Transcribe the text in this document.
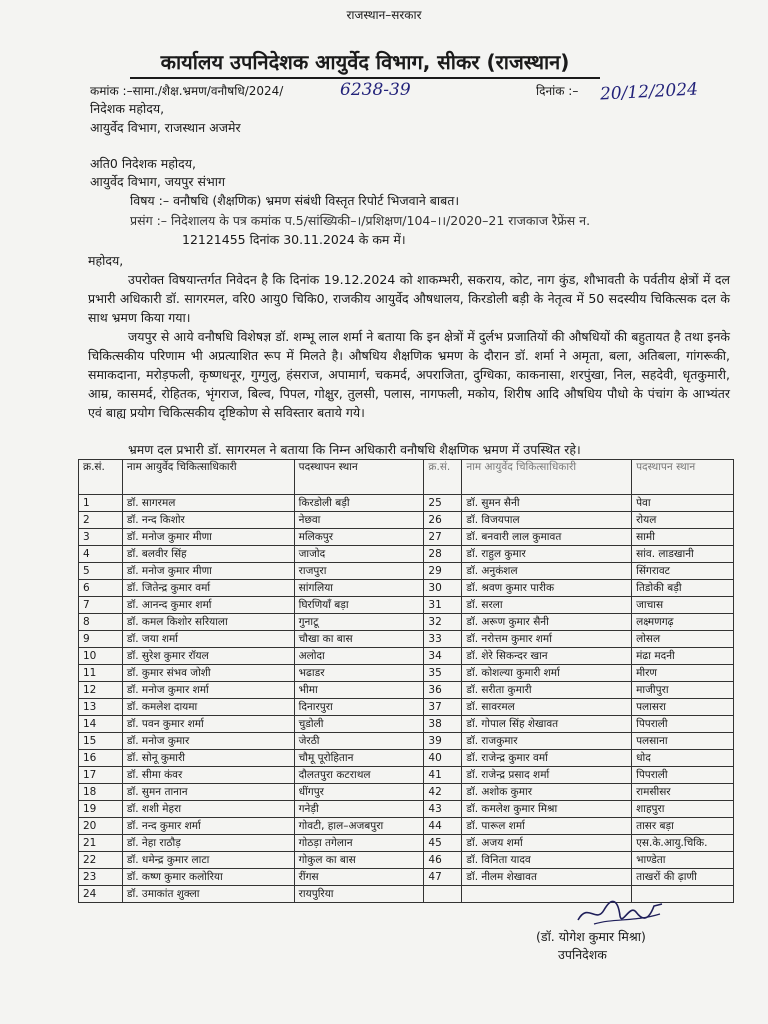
राजस्थान–सरकार
कार्यालय उपनिदेशक आयुर्वेद विभाग, सीकर (राजस्थान)
कमांक :–सामा./शैक्ष.भ्रमण/वनौषधि/2024/	6238-39	दिनांक :– 20/12/2024
निदेशक महोदय,
आयुर्वेद विभाग, राजस्थान अजमेर
अति0 निदेशक महोदय,
आयुर्वेद विभाग, जयपुर संभाग
विषय :– वनौषधि (शैक्षणिक) भ्रमण संबंधी विस्तृत रिपोर्ट भिजवाने बाबत।
प्रसंग :– निदेशालय के पत्र कमांक प.5/सांख्यिकी–।/प्रशिक्षण/104–।।/2020–21 राजकाज रैफ्रेंस न.
12121455 दिनांक 30.11.2024 के कम में।
महोदय,
उपरोक्त विषयान्तर्गत निवेदन है कि दिनांक 19.12.2024 को शाकम्भरी, सकराय, कोट, नाग कुंड, शौभावती के पर्वतीय क्षेत्रों में दल प्रभारी अधिकारी डॉ. सागरमल, वरि0 आयु0 चिकि0, राजकीय आयुर्वेद औषधालय, किरडोली बड़ी के नेतृत्व में 50 सदस्यीय चिकित्सक दल के साथ भ्रमण किया गया।
जयपुर से आये वनौषधि विशेषज्ञ डॉ. शम्भू लाल शर्मा ने बताया कि इन क्षेत्रों में दुर्लभ प्रजातियों की औषधियों की बहुतायत है तथा इनके चिकित्सकीय परिणाम भी अप्रत्याशित रूप में मिलते है। औषधिय शैक्षणिक भ्रमण के दौरान डॉ. शर्मा ने अमृता, बला, अतिबला, गांगरूकी, समाकदाना, मरोड़फली, कृष्णधनूर, गुग्गुलु, हंसराज, अपामार्ग, चकमर्द, अपराजिता, दुग्धिका, काकनासा, शरपुंखा, निल, सहदेवी, धृतकुमारी, आम्र, कासमर्द, रोहितक, भृंगराज, बिल्व, पिपल, गोक्षुर, तुलसी, पलास, नागफली, मकोय, शिरीष आदि औषधिय पौधो के पंचांग के आभ्यंतर एवं बाह्य प्रयोग चिकित्सकीय दृष्टिकोण से सविस्तार बताये गये।
भ्रमण दल प्रभारी डॉ. सागरमल ने बताया कि निम्न अधिकारी वनौषधि शैक्षणिक भ्रमण में उपस्थित रहे।
क्र.सं.	नाम आयुर्वेद चिकित्साधिकारी	पदस्थापन स्थान	क्र.सं.	नाम आयुर्वेद चिकित्साधिकारी	पदस्थापन स्थान
1	डॉ. सागरमल	किरडोली बड़ी	25	डॉ. सुमन सैनी	पेवा
2	डॉ. नन्द किशोर	नेछवा	26	डॉ. विजयपाल	रोयल
3	डॉ. मनोज कुमार मीणा	मलिकपुर	27	डॉ. बनवारी लाल कुमावत	सामी
4	डॉ. बलवीर सिंह	जाजोद	28	डॉ. राहुल कुमार	सांव. लाडखानी
5	डॉ. मनोज कुमार मीणा	राजपुरा	29	डॉ. अनुकंशल	सिंगरावट
6	डॉ. जितेन्द्र कुमार वर्मा	सांगलिया	30	डॉ. श्रवण कुमार पारीक	तिडोकी बड़ी
7	डॉ. आनन्द कुमार शर्मा	घिरणियाँ बड़ा	31	डॉ. सरला	जाचास
8	डॉ. कमल किशोर सरियाला	गुनाटू	32	डॉ. अरूण कुमार सैनी	लक्ष्मणगढ़
9	डॉ. जया शर्मा	चौखा का बास	33	डॉ. नरोत्तम कुमार शर्मा	लोसल
10	डॉ. सुरेश कुमार रॉयल	अलोदा	34	डॉ. शेरे सिकन्दर खान	मंढा मदनी
11	डॉ. कुमार संभव जोशी	भढाडर	35	डॉ. कोशल्या कुमारी शर्मा	मीरण
12	डॉ. मनोज कुमार शर्मा	भीमा	36	डॉ. सरीता कुमारी	माजीपुरा
13	डॉ. कमलेश दायमा	दिनारपुरा	37	डॉ. सावरमल	पलासरा
14	डॉ. पवन कुमार शर्मा	चुडोली	38	डॉ. गोपाल सिंह शेखावत	पिपराली
15	डॉ. मनोज कुमार	जेरठी	39	डॉ. राजकुमार	पलसाना
16	डॉ. सोनू कुमारी	चौमू पूरोहितान	40	डॉ. राजेन्द्र कुमार वर्मा	धोद
17	डॉ. सीमा कंवर	दौलतपुरा कटराथल	41	डॉ. राजेन्द्र प्रसाद शर्मा	पिपराली
18	डॉ. सुमन तानान	धींगपुर	42	डॉ. अशोक कुमार	रामसीसर
19	डॉ. शशी मेहरा	गनेड़ी	43	डॉ. कमलेश कुमार मिश्रा	शाहपुरा
20	डॉ. नन्द कुमार शर्मा	गोवटी, हाल–अजबपुरा	44	डॉ. पारूल शर्मा	तासर बड़ा
21	डॉ. नेहा राठौड़	गोठड़ा तगेलान	45	डॉ. अजय शर्मा	एस.के.आयु.चिकि.
22	डॉ. धमेन्द्र कुमार लाटा	गोकुल का बास	46	डॉ. विनिता यादव	भाण्डेता
23	डॉ. कष्ण कुमार कलोरिया	रींगस	47	डॉ. नीलम शेखावत	ताखरों की ढ़ाणी
24	डॉ. उमाकांत शुक्ला	रायपुरिया			
(डॉ. योगेश कुमार मिश्रा)
उपनिदेशक
